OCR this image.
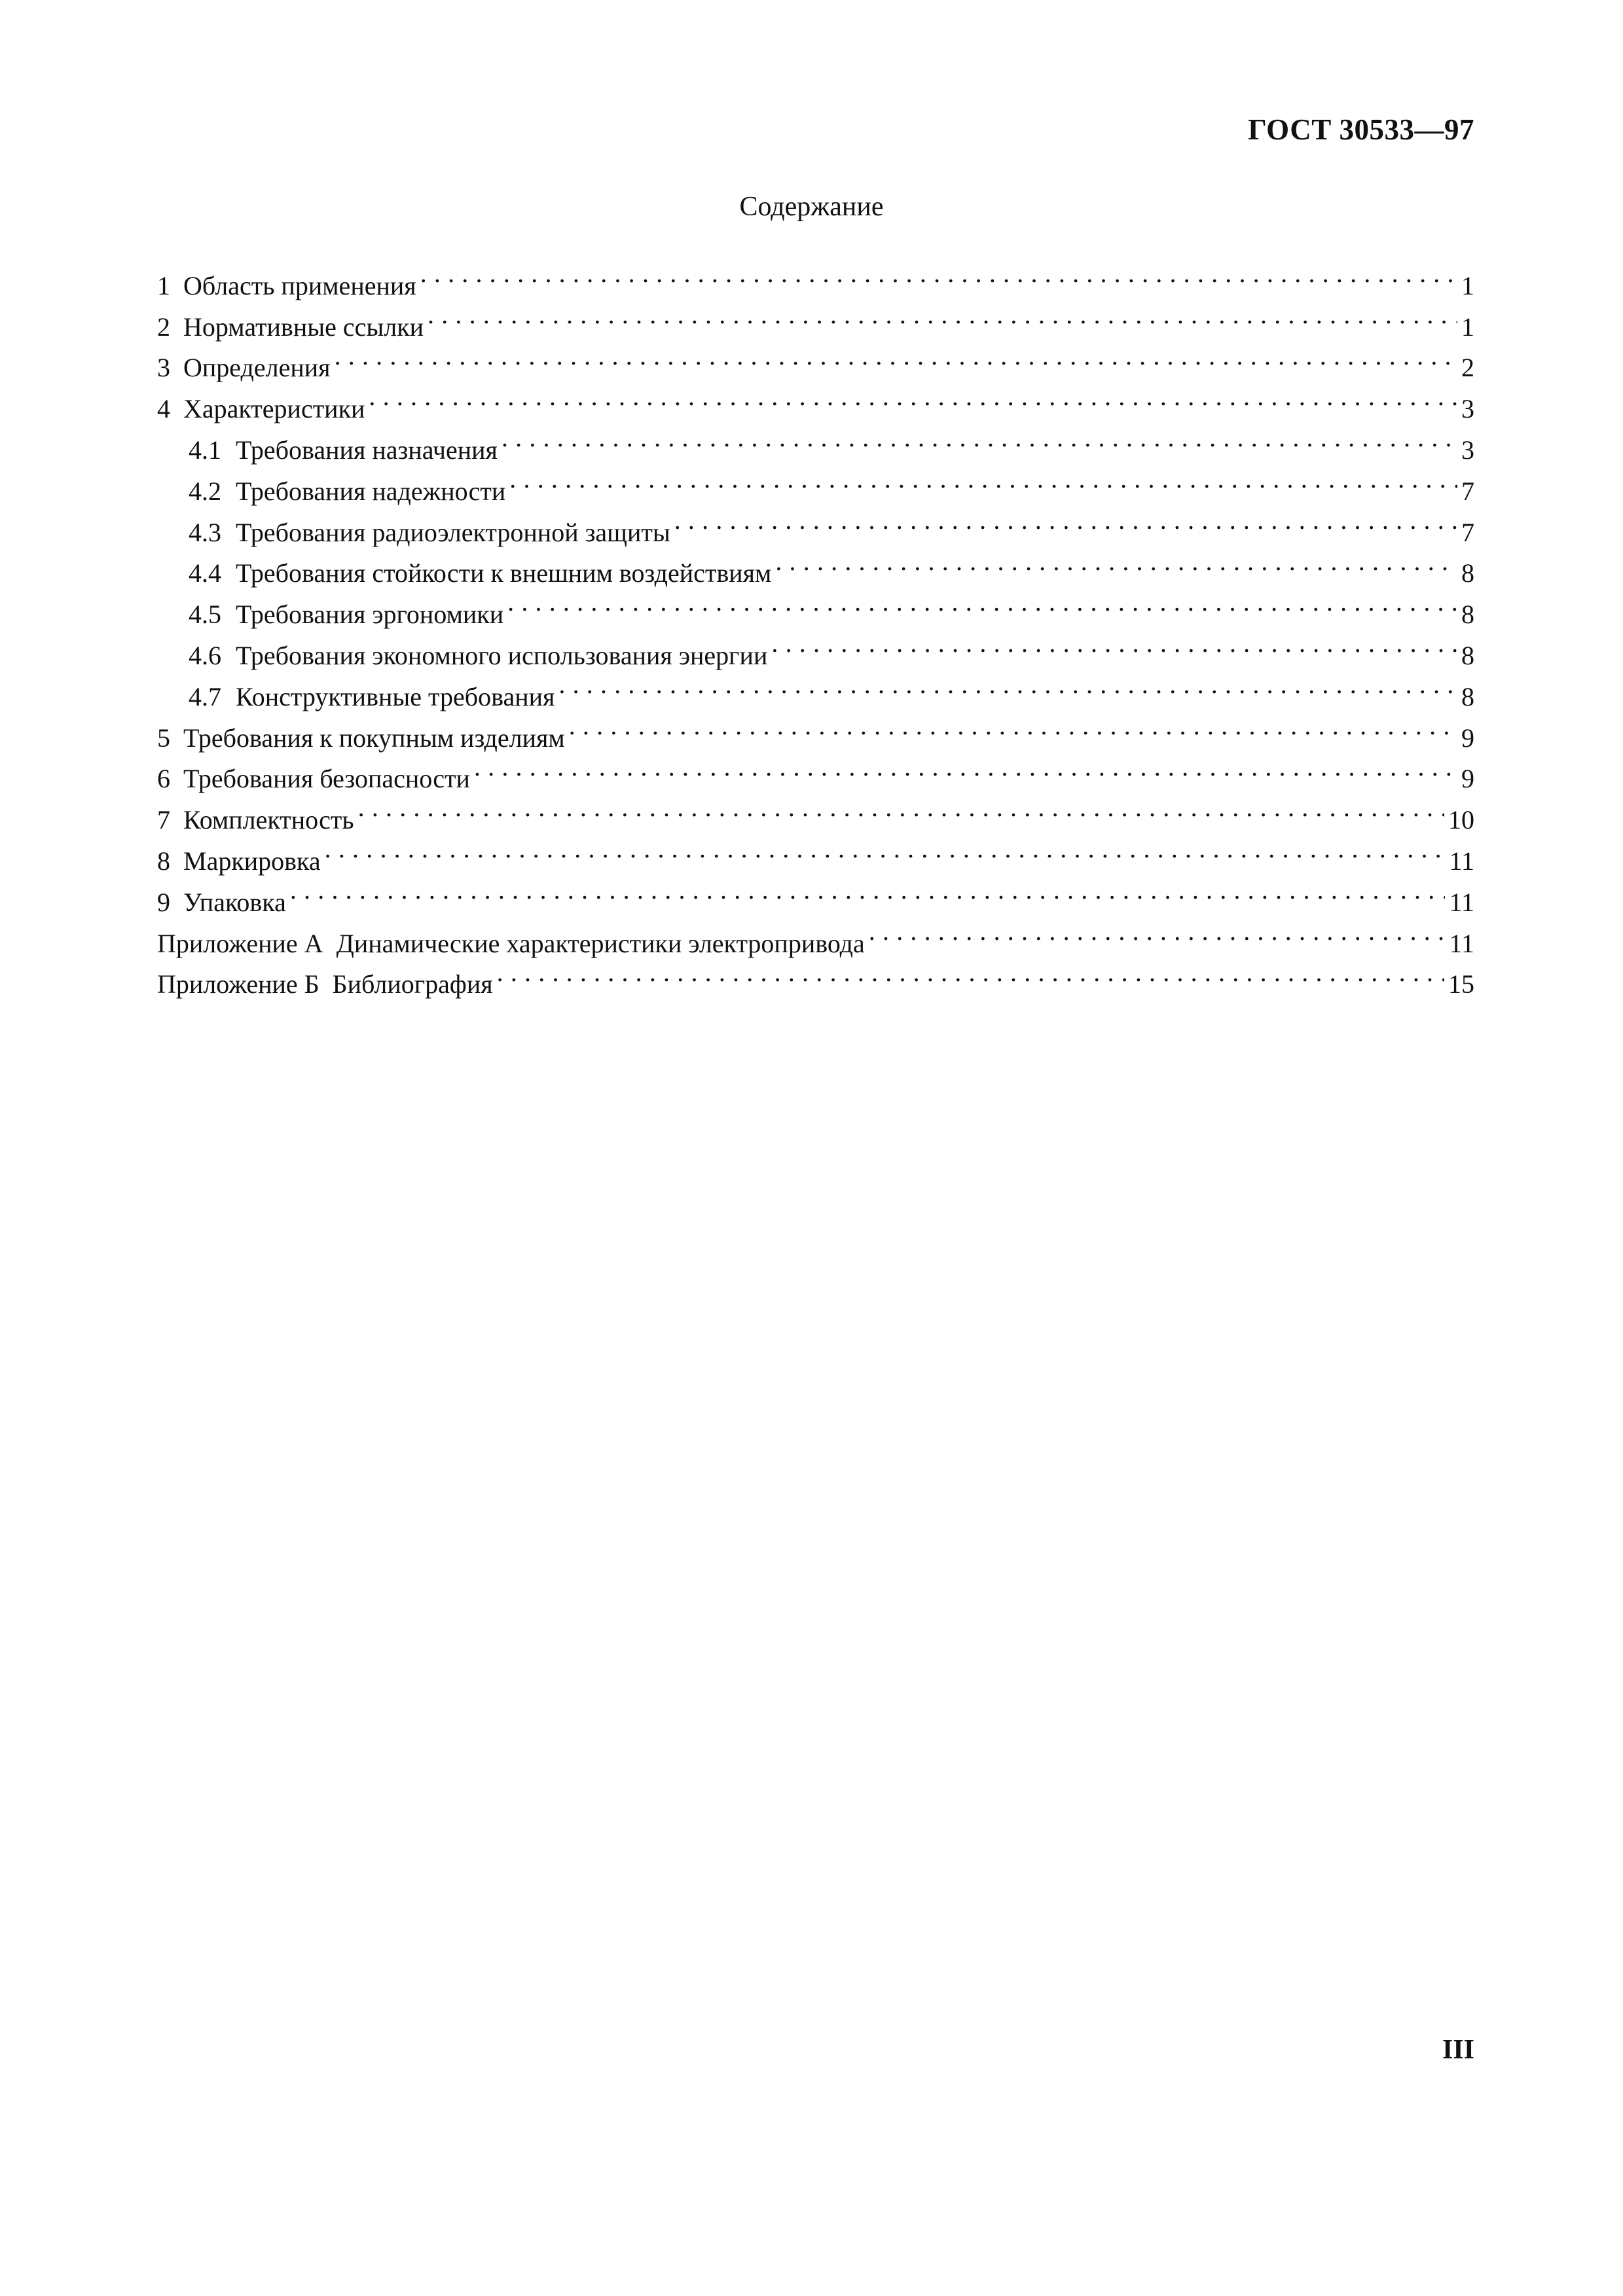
ГОСТ 30533—97

Содержание
1 Область применения . . .	1
2 Нормативные ссылки . . .	1
3 Определения . . .	2
4 Характеристики . . .	3
4.1 Требования назначения . . .	3
4.2 Требования надежности . . .	7
4.3 Требования радиоэлектронной защиты . . .	7
4.4 Требования стойкости к внешним воздействиям . . .	8
4.5 Требования эргономики . . .	8
4.6 Требования экономного использования энергии . . .	8
4.7 Конструктивные требования . . .	8
5 Требования к покупным изделиям . . .	9
6 Требования безопасности . . .	9
7 Комплектность . . .	10
8 Маркировка . . .	11
9 Упаковка . . .	11
Приложение А Динамические характеристики электропривода . . .	11
Приложение Б Библиография . . .	15

III
